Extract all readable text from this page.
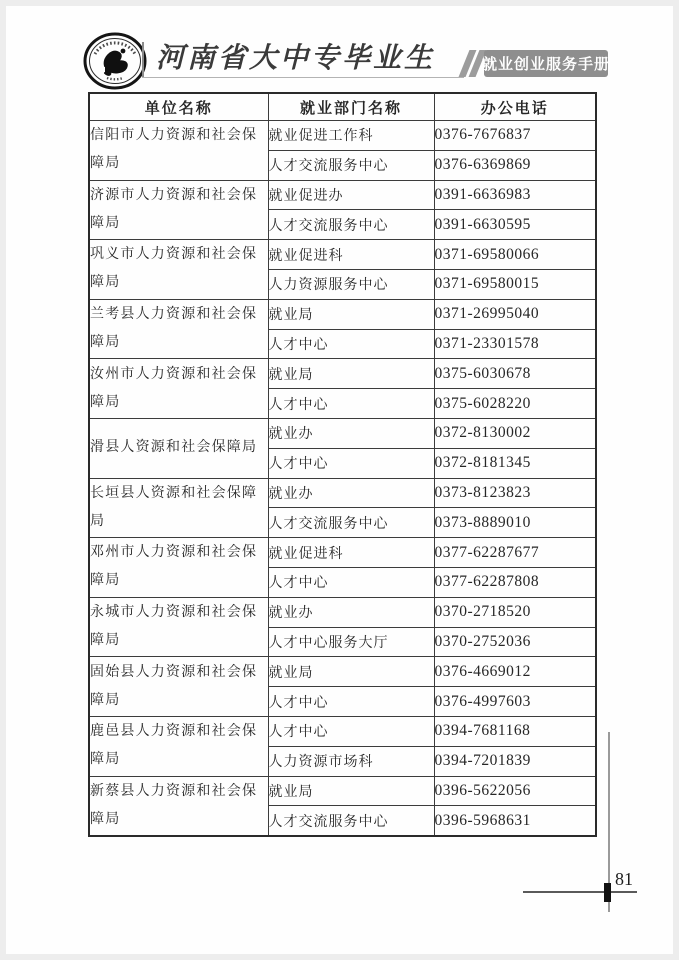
河南省大中专毕业生	就业创业服务手册
单位名称	就业部门名称	办公电话
信阳市人力资源和社会保障局	就业促进工作科	0376-7676837
	人才交流服务中心	0376-6369869
济源市人力资源和社会保障局	就业促进办	0391-6636983
	人才交流服务中心	0391-6630595
巩义市人力资源和社会保障局	就业促进科	0371-69580066
	人力资源服务中心	0371-69580015
兰考县人力资源和社会保障局	就业局	0371-26995040
	人才中心	0371-23301578
汝州市人力资源和社会保障局	就业局	0375-6030678
	人才中心	0375-6028220
滑县人资源和社会保障局	就业办	0372-8130002
	人才中心	0372-8181345
长垣县人资源和社会保障局	就业办	0373-8123823
	人才交流服务中心	0373-8889010
邓州市人力资源和社会保障局	就业促进科	0377-62287677
	人才中心	0377-62287808
永城市人力资源和社会保障局	就业办	0370-2718520
	人才中心服务大厅	0370-2752036
固始县人力资源和社会保障局	就业局	0376-4669012
	人才中心	0376-4997603
鹿邑县人力资源和社会保障局	人才中心	0394-7681168
	人力资源市场科	0394-7201839
新蔡县人力资源和社会保障局	就业局	0396-5622056
	人才交流服务中心	0396-5968631
81
